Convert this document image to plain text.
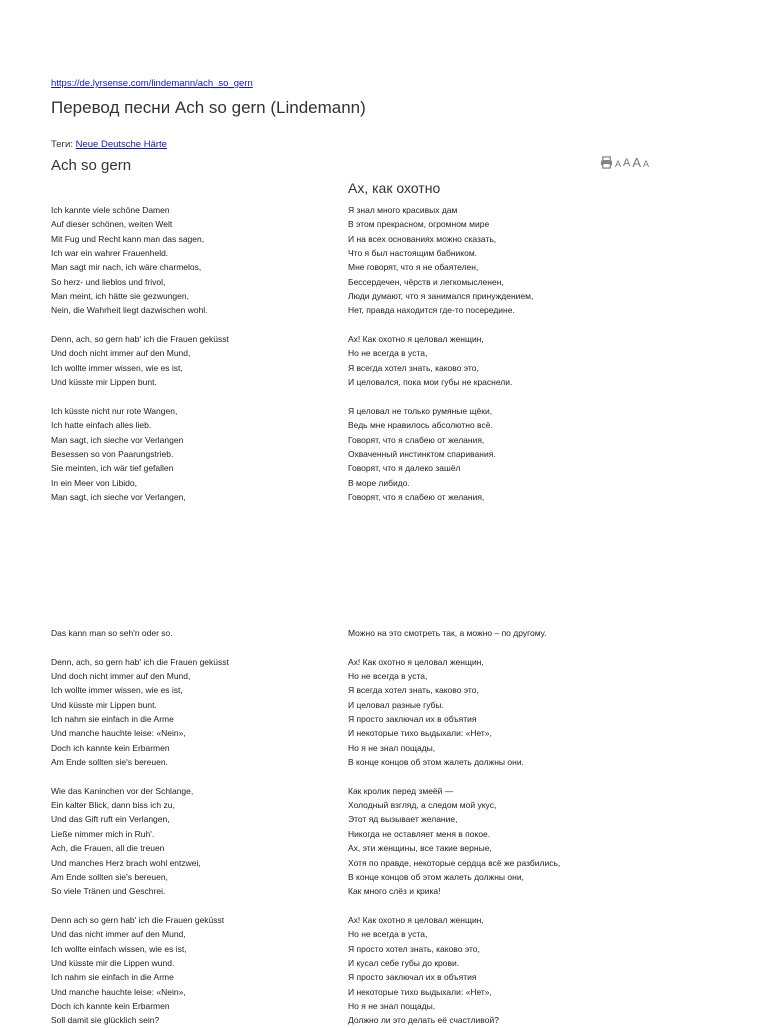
https://de.lyrsense.com/lindemann/ach_so_gern
Перевод песни Ach so gern (Lindemann)
Теги: Neue Deutsche Härte
Ach so gern
Ах, как охотно
A A A A
Ich kannte viele schöne Damen
Auf dieser schönen, weiten Welt
Mit Fug und Recht kann man das sagen,
Ich war ein wahrer Frauenheld.
Man sagt mir nach, ich wäre charmelos,
So herz- und lieblos und frivol,
Man meint, ich hätte sie gezwungen,
Nein, die Wahrheit liegt dazwischen wohl.
Denn, ach, so gern hab' ich die Frauen geküsst
Und doch nicht immer auf den Mund,
Ich wollte immer wissen, wie es ist,
Und küsste mir Lippen bunt.
Ich küsste nicht nur rote Wangen,
Ich hatte einfach alles lieb.
Man sagt, ich sieche vor Verlangen
Besessen so von Paarungstrieb.
Sie meinten, ich wär tief gefallen
In ein Meer von Libido,
Man sagt, ich sieche vor Verlangen,
Я знал много красивых дам
В этом прекрасном, огромном мире
И на всех основаниях можно сказать,
Что я был настоящим бабником.
Мне говорят, что я не обаятелен,
Бессердечен, чёрств и легкомысленен,
Люди думают, что я занимался принуждением,
Нет, правда находится где-то посередине.
Ах! Как охотно я целовал женщин,
Но не всегда в уста,
Я всегда хотел знать, каково это,
И целовался, пока мои губы не краснели.
Я целовал не только румяные щёки,
Ведь мне нравилось абсолютно всё.
Говорят, что я слабею от желания,
Охваченный инстинктом спаривания.
Говорят, что я далеко зашёл
В море либидо.
Говорят, что я слабею от желания,
Das kann man so seh'n oder so.
Denn, ach, so gern hab' ich die Frauen geküsst
Und doch nicht immer auf den Mund,
Ich wollte immer wissen, wie es ist,
Und küsste mir Lippen bunt.
Ich nahm sie einfach in die Arme
Und manche hauchte leise: «Nein»,
Doch ich kannte kein Erbarmen
Am Ende sollten sie's bereuen.
Wie das Kaninchen vor der Schlange,
Ein kalter Blick, dann biss ich zu,
Und das Gift ruft ein Verlangen,
Ließe nimmer mich in Ruh'.
Ach, die Frauen, all die treuen
Und manches Herz brach wohl entzwei,
Am Ende sollten sie's bereuen,
So viele Tränen und Geschrei.
Denn ach so gern hab' ich die Frauen geküsst
Und das nicht immer auf den Mund,
Ich wollte einfach wissen, wie es ist,
Und küsste mir die Lippen wund.
Ich nahm sie einfach in die Arme
Und manche hauchte leise: «Nein»,
Doch ich kannte kein Erbarmen
Soll damit sie glücklich sein?
Можно на это смотреть так, а можно – по другому.
Ах! Как охотно я целовал женщин,
Но не всегда в уста,
Я всегда хотел знать, каково это,
И целовал разные губы.
Я просто заключал их в объятия
И некоторые тихо выдыхали: «Нет»,
Но я не знал пощады,
В конце концов об этом жалеть должны они.
Как кролик перед змеёй —
Холодный взгляд, а следом мой укус,
Этот яд вызывает желание,
Никогда не оставляет меня в покое.
Ах, эти женщины, все такие верные,
Хотя по правде, некоторые сердца всё же разбились,
В конце концов об этом жалеть должны они,
Как много слёз и крика!
Ах! Как охотно я целовал женщин,
Но не всегда в уста,
Я просто хотел знать, каково это,
И кусал себе губы до крови.
Я просто заключал их в объятия
И некоторые тихо выдыхали: «Нет»,
Но я не знал пощады,
Должно ли это делать её счастливой?
